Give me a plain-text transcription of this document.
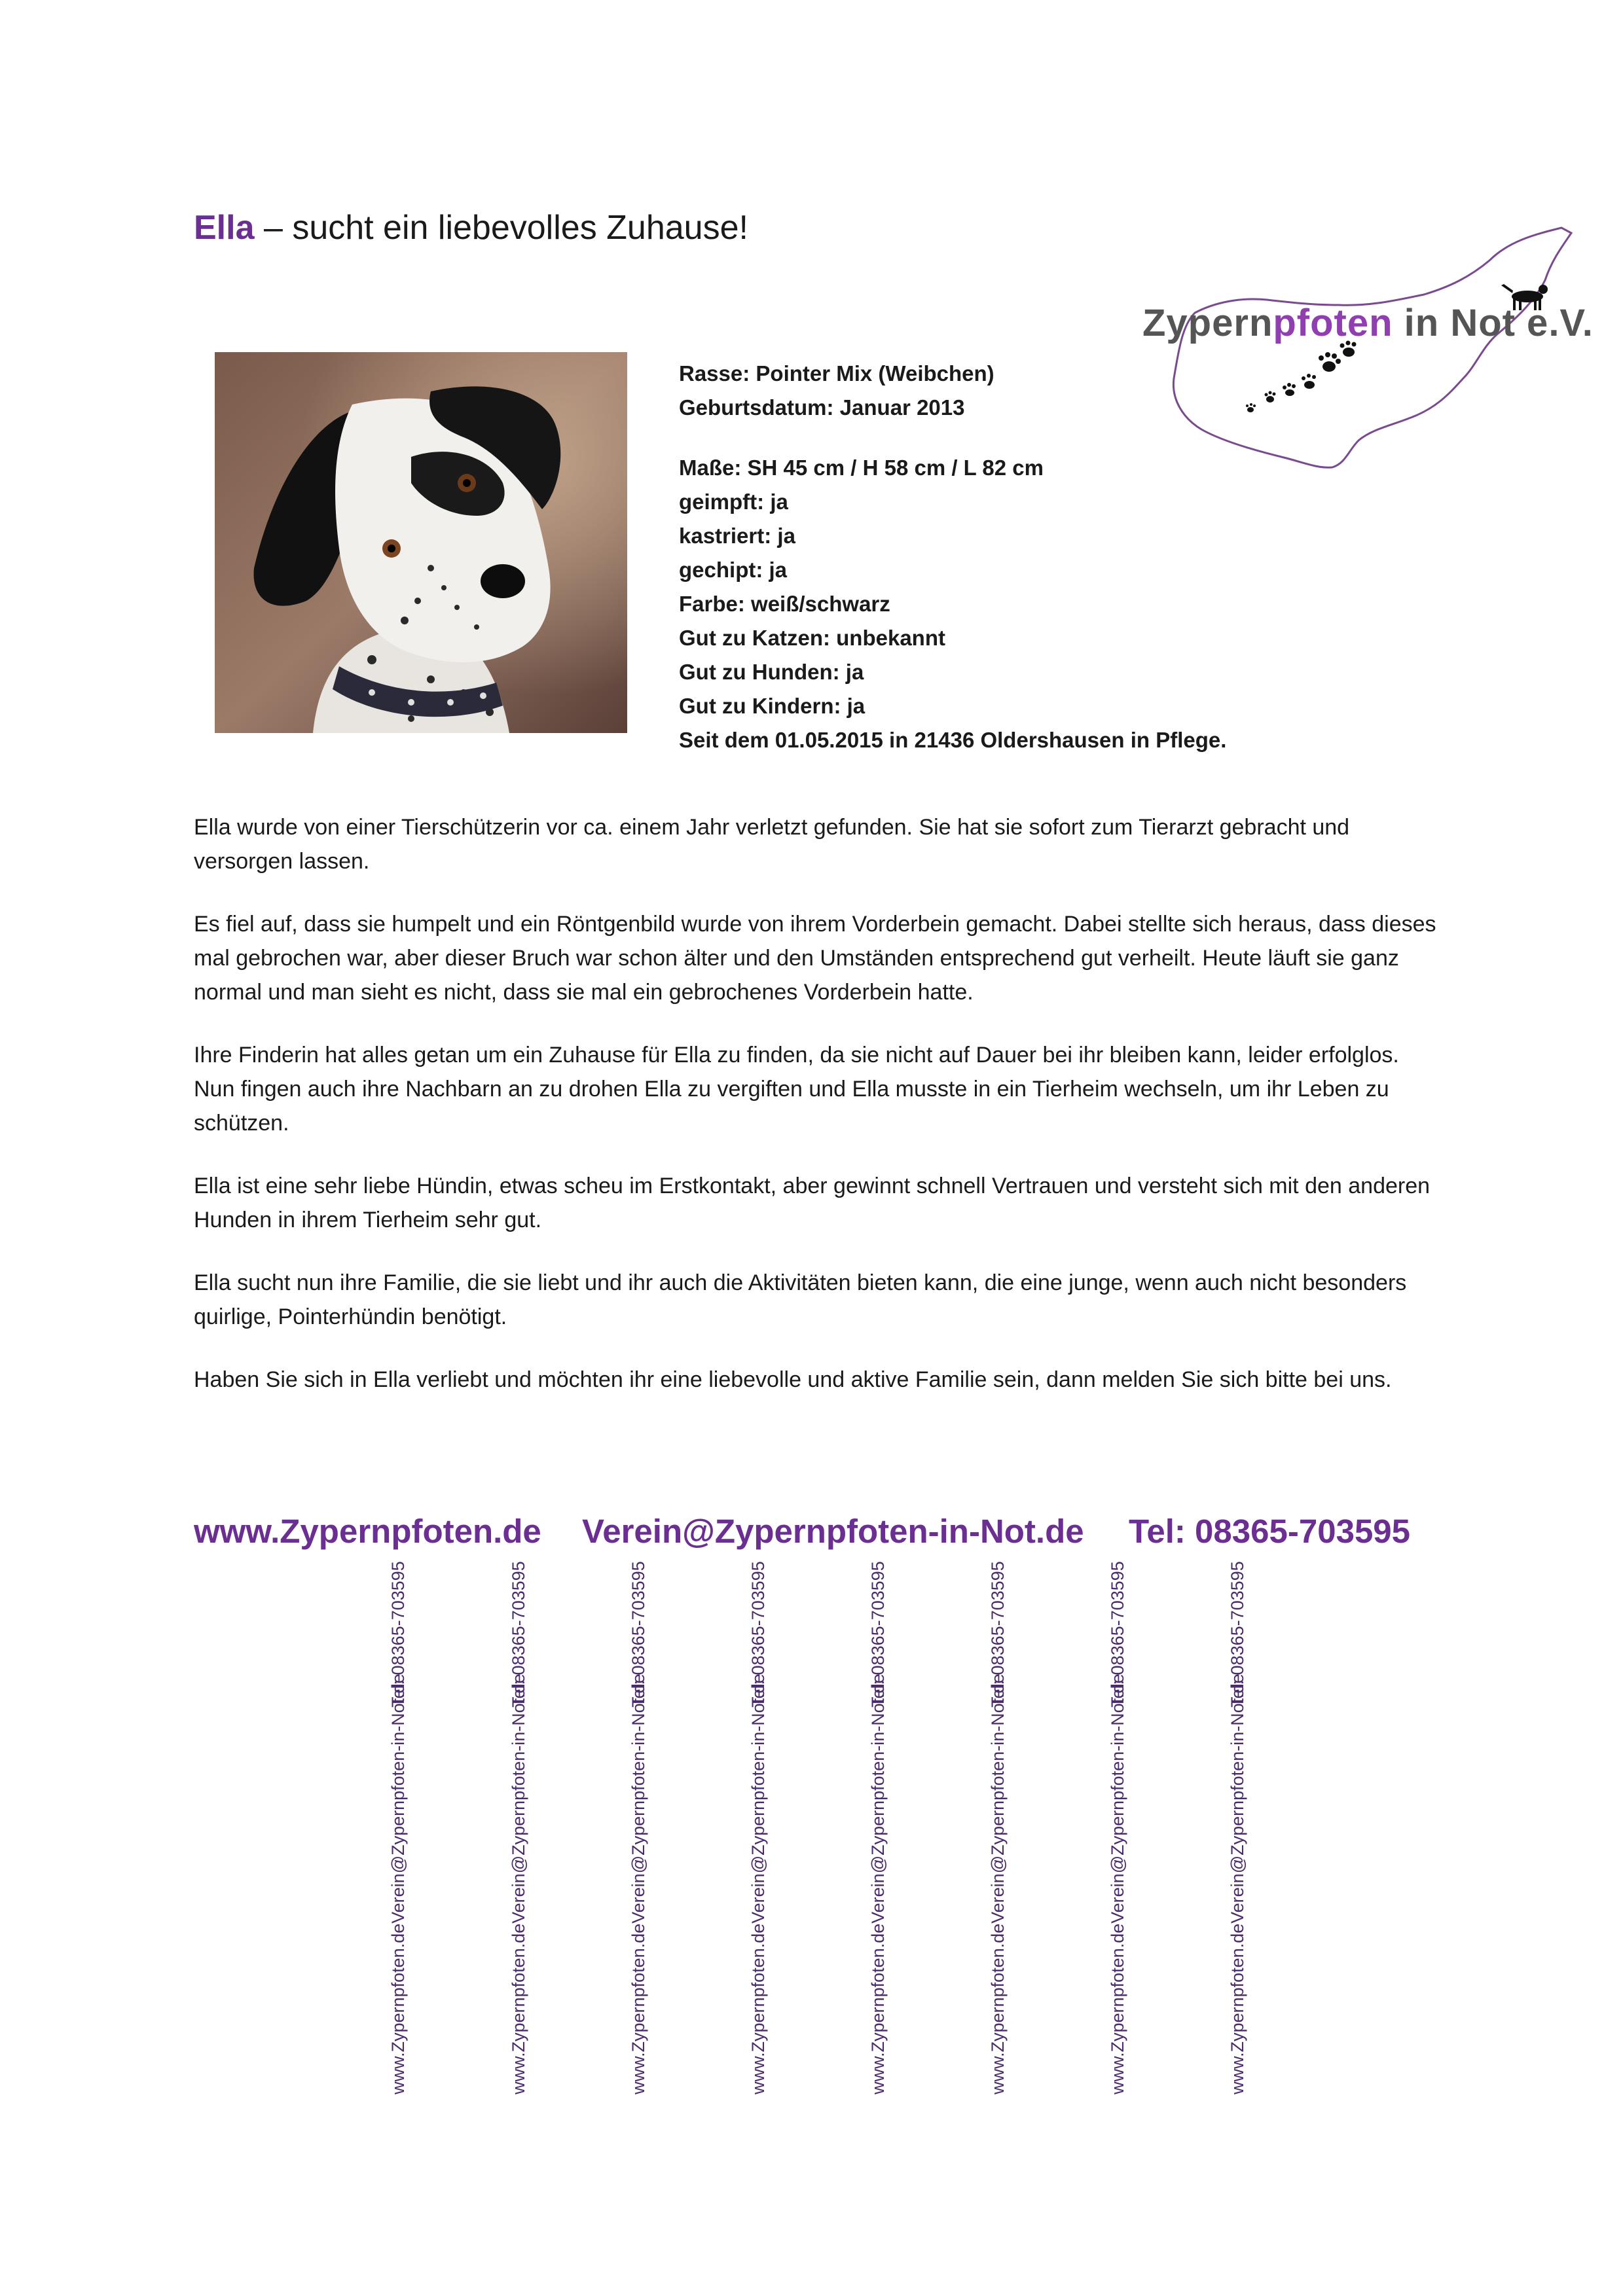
Ella – sucht ein liebevolles Zuhause!
Zypernpfoten in Not e.V.
Rasse: Pointer Mix (Weibchen)
Geburtsdatum: Januar 2013
Maße: SH 45 cm / H 58 cm / L 82 cm
geimpft: ja
kastriert: ja
gechipt: ja
Farbe: weiß/schwarz
Gut zu Katzen: unbekannt
Gut zu Hunden: ja
Gut zu Kindern: ja
Seit dem 01.05.2015 in 21436 Oldershausen in Pflege.

Ella wurde von einer Tierschützerin vor ca. einem Jahr verletzt gefunden. Sie hat sie sofort zum Tierarzt gebracht und versorgen lassen.

Es fiel auf, dass sie humpelt und ein Röntgenbild wurde von ihrem Vorderbein gemacht. Dabei stellte sich heraus, dass dieses mal gebrochen war, aber dieser Bruch war schon älter und den Umständen entsprechend gut verheilt. Heute läuft sie ganz normal und man sieht es nicht, dass sie mal ein gebrochenes Vorderbein hatte.

Ihre Finderin hat alles getan um ein Zuhause für Ella zu finden, da sie nicht auf Dauer bei ihr bleiben kann, leider erfolglos. Nun fingen auch ihre Nachbarn an zu drohen Ella zu vergiften und Ella musste in ein Tierheim wechseln, um ihr Leben zu schützen.

Ella ist eine sehr liebe Hündin, etwas scheu im Erstkontakt, aber gewinnt schnell Vertrauen und versteht sich mit den anderen Hunden in ihrem Tierheim sehr gut.

Ella sucht nun ihre Familie, die sie liebt und ihr auch die Aktivitäten bieten kann, die eine junge, wenn auch nicht besonders quirlige, Pointerhündin benötigt.

Haben Sie sich in Ella verliebt und möchten ihr eine liebevolle und aktive Familie sein, dann melden Sie sich bitte bei uns.

www.Zypernpfoten.de Verein@Zypernpfoten-in-Not.de Tel: 08365-703595
www.Zypernpfoten.de
Verein@Zypernpfoten-in-Not.de
Tel: 08365-703595
www.Zypernpfoten.de
Verein@Zypernpfoten-in-Not.de
Tel: 08365-703595
www.Zypernpfoten.de
Verein@Zypernpfoten-in-Not.de
Tel: 08365-703595
www.Zypernpfoten.de
Verein@Zypernpfoten-in-Not.de
Tel: 08365-703595
www.Zypernpfoten.de
Verein@Zypernpfoten-in-Not.de
Tel: 08365-703595
www.Zypernpfoten.de
Verein@Zypernpfoten-in-Not.de
Tel: 08365-703595
www.Zypernpfoten.de
Verein@Zypernpfoten-in-Not.de
Tel: 08365-703595
www.Zypernpfoten.de
Verein@Zypernpfoten-in-Not.de
Tel: 08365-703595
